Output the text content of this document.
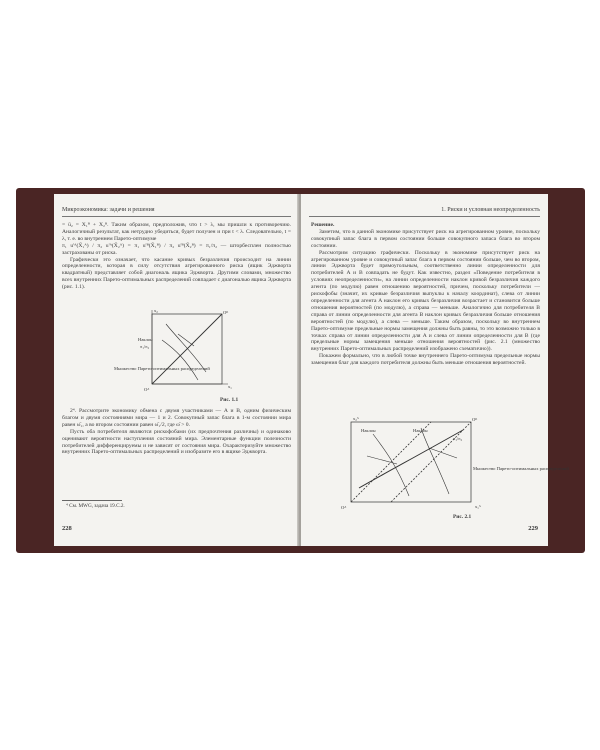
Микроэкономика: задачи и решения

= ū₂ = X₁ᴮ + X₂ᴮ. Таким образом, предположив, что t > λ, мы пришли к противоречию. Аналогичный результат, как нетрудно убедиться, будет получен и при t < λ. Следовательно, t = λ, т. е. во внутреннем Парето-оптимуме

π₁ u'ᴬ(X̄₁ᴬ) / π₂ u'ᴬ(X̄₂ᴬ) = π₁ u'ᴮ(X̄₁ᴮ) / π₂ u'ᴮ(X̄₂ᴮ) = π₁/π₂ — шторбесплен полностью застрахованы от риска.

Графически это означает, что касание кривых безразличия происходит на линии определенности, которая в силу отсутствия агрегированного риска (ящик Эджворта квадратный) представляет собой диагональ ящика Эджворта. Другими словами, множество всех внутренних Парето-оптимальных распределений совпадает с диагональю ящика Эджворта (рис. 1.1).

Наклон
π₁/π₂
Множество Парето-оптимальных распределений
x₁
x₂
Oᴬ
Oᴮ
Рис. 1.1

2⁴. Рассмотрите экономику обмена с двумя участниками — A и B, одним физическим благом и двумя состояниями мира — 1 и 2. Совокупный запас блага в 1-м состоянии мира равен ω̄₁, а во втором состоянии равен ω̄₁/2, где ω̄ > 0.

Пусть оба потребителя являются рискофобами (их предпочтения различны) и одинаково оценивают вероятности наступления состояний мира. Элементарные функции полезности потребителей дифференцируемы и не зависят от состояния мира. Охарактеризуйте множество внутренних Парето-оптимальных распределений и изобразите его в ящике Эджворта.

⁴ См. MWG, задача 19.С.2.
228
1. Риски и условная неопределенность

Решение.

Заметим, что в данной экономике присутствует риск на агрегированном уровне, поскольку совокупный запас блага в первом состоянии больше совокупного запаса блага во втором состоянии.

Рассмотрим ситуацию графически. Поскольку в экономике присутствует риск на агрегированном уровне и совокупный запас блага в первом состоянии больше, чем во втором, линии Эджворта будет прямоугольным, соответственно линии определенности для потребителей A и B совпадать не будут. Как известно, раздел «Поведение потребителя в условиях неопределенности», на линии определенности наклон кривой безразличия каждого агента (по модулю) равен отношению вероятностей, причем, поскольку потребители — рискофобы (значит, их кривые безразличия выпуклы к началу координат), слева от линии определенности для агента A наклон его кривых безразличия возрастает и становится больше отношения вероятностей (по модулю), а справа — меньше. Аналогично для потребителя B справа от линии определенности для агента B наклон кривых безразличия больше отношения вероятностей (по модулю), а слева — меньше. Таким образом, поскольку во внутреннем Парето-оптимуме предельные нормы замещения должны быть равны, то это возможно только в точках справа от линии определенности для A и слева от линии определенности для B (где предельные нормы замещения меньше отношения вероятностей (рис. 2.1 (множество внутренних Парето-оптимальных распределений изображено схематично)).

Покажем формально, что в любой точке внутреннего Парето-оптимума предельные нормы замещения благ для каждого потребителя должны быть меньше отношения вероятностей.

Наклон	Наклон
π₁/π₂
Множество Парето-оптимальных распределений
x₁ᴬ
x₂ᴬ
Oᴬ
Oᴮ
Рис. 2.1
229
